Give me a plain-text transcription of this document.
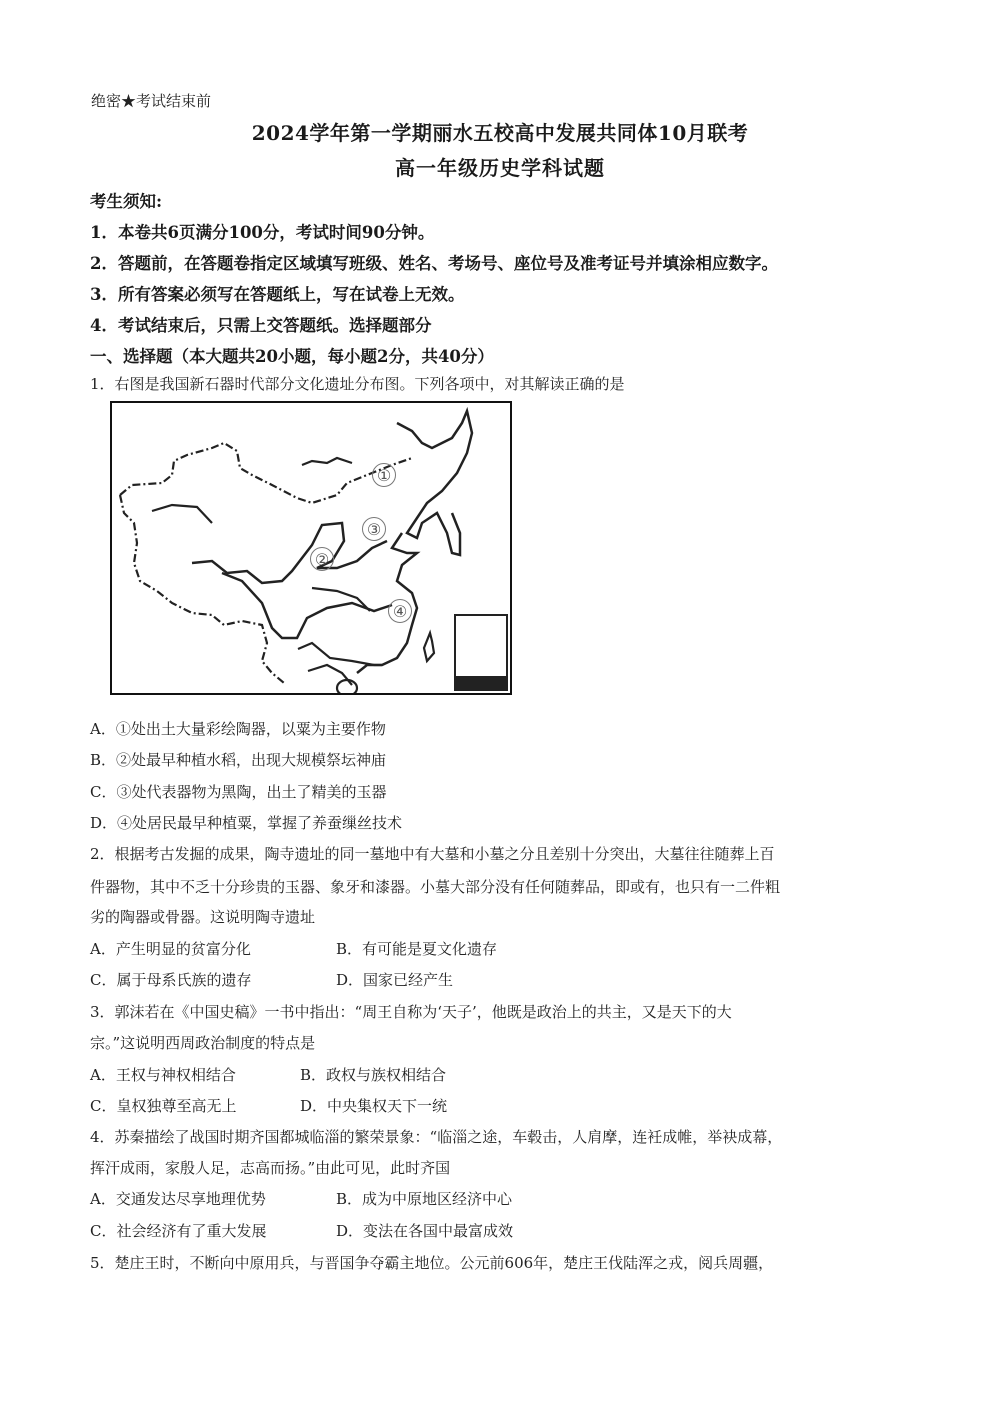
绝密★考试结束前
2024学年第一学期丽水五校高中发展共同体10月联考
高一年级历史学科试题
考生须知:
1．本卷共6页满分100分，考试时间90分钟。
2．答题前，在答题卷指定区域填写班级、姓名、考场号、座位号及准考证号并填涂相应数字。
3．所有答案必须写在答题纸上，写在试卷上无效。
4．考试结束后，只需上交答题纸。选择题部分
一、选择题（本大题共20小题，每小题2分，共40分）
1．右图是我国新石器时代部分文化遗址分布图。下列各项中，对其解读正确的是
①
②
③
④
A．①处出土大量彩绘陶器，以粟为主要作物
B．②处最早种植水稻，出现大规模祭坛神庙
C．③处代表器物为黑陶，出土了精美的玉器
D．④处居民最早种植粟，掌握了养蚕缫丝技术
2．根据考古发掘的成果，陶寺遗址的同一墓地中有大墓和小墓之分且差别十分突出，大墓往往随葬上百
件器物，其中不乏十分珍贵的玉器、象牙和漆器。小墓大部分没有任何随葬品，即或有，也只有一二件粗
劣的陶器或骨器。这说明陶寺遗址
A．产生明显的贫富分化	B．有可能是夏文化遗存
C．属于母系氏族的遗存	D．国家已经产生
3．郭沫若在《中国史稿》一书中指出：“周王自称为‘天子’，他既是政治上的共主，又是天下的大
宗。”这说明西周政治制度的特点是
A．王权与神权相结合	B．政权与族权相结合
C．皇权独尊至高无上	D．中央集权天下一统
4．苏秦描绘了战国时期齐国都城临淄的繁荣景象：“临淄之途，车毂击，人肩摩，连衽成帷，举袂成幕，
挥汗成雨，家殷人足，志高而扬。”由此可见，此时齐国
A．交通发达尽享地理优势	B．成为中原地区经济中心
C．社会经济有了重大发展	D．变法在各国中最富成效
5．楚庄王时，不断向中原用兵，与晋国争夺霸主地位。公元前606年，楚庄王伐陆浑之戎，阅兵周疆，
